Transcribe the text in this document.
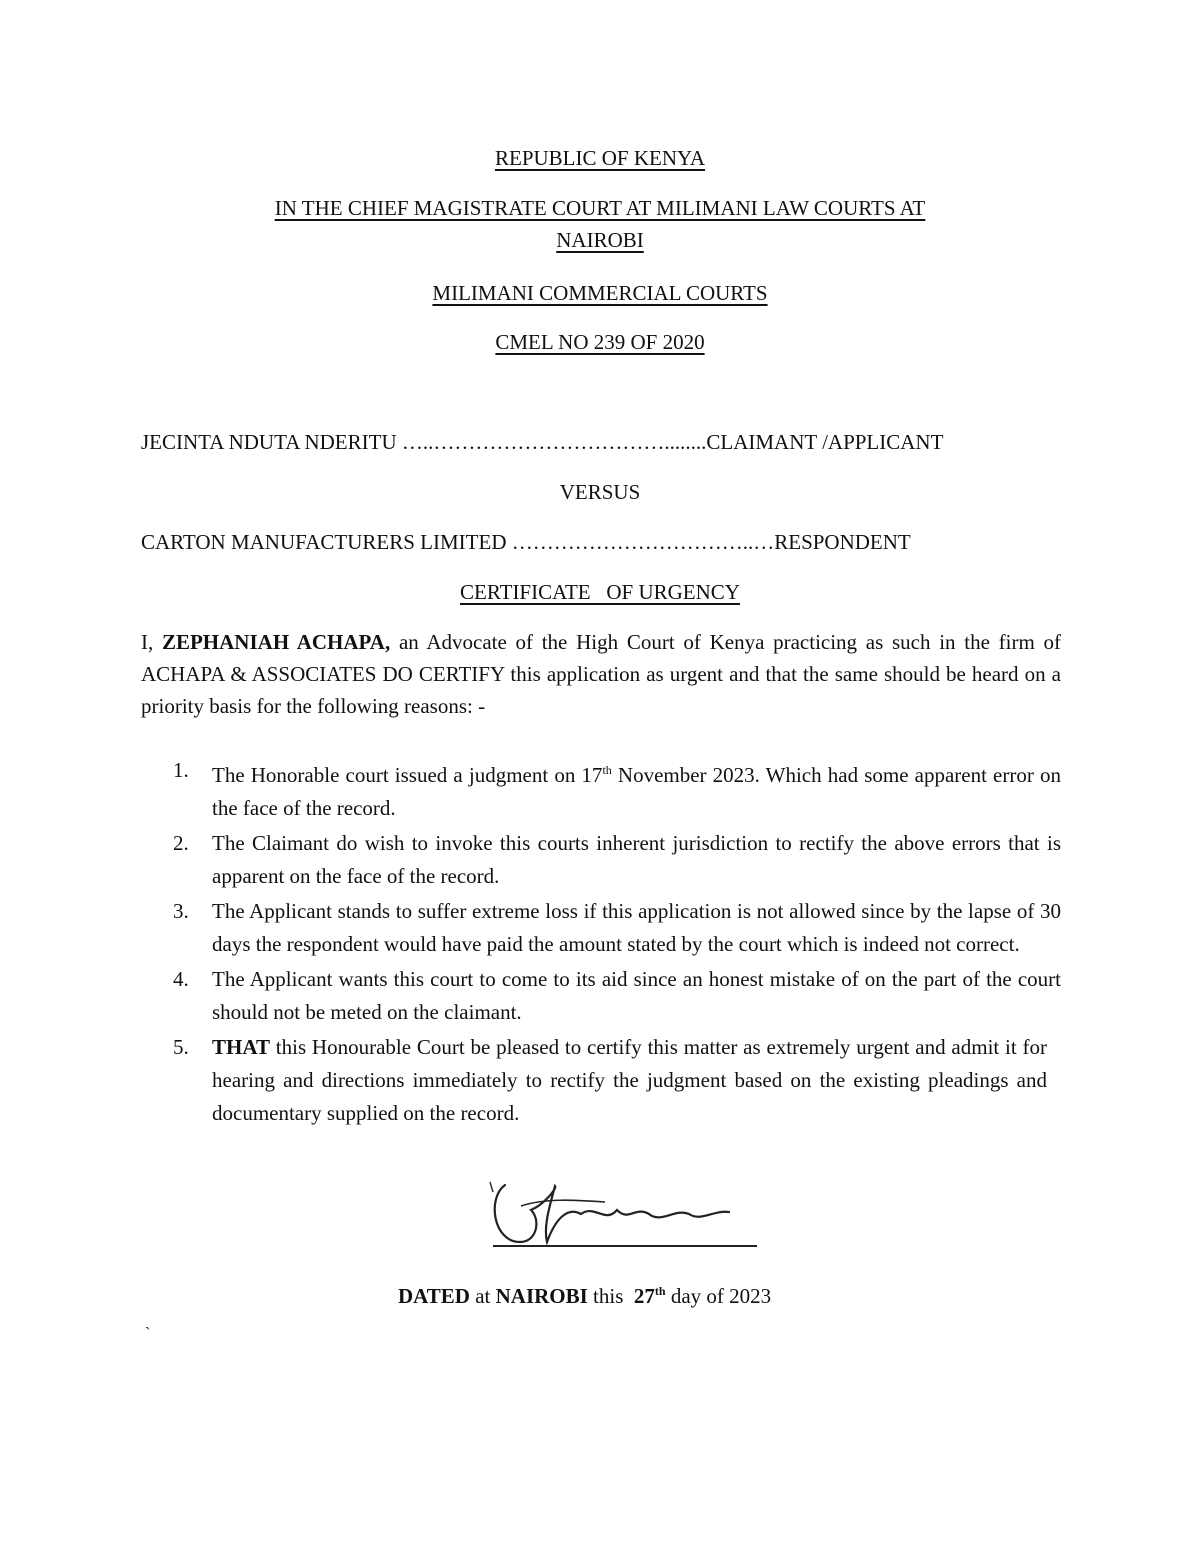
REPUBLIC OF KENYA
IN THE CHIEF MAGISTRATE COURT AT MILIMANI LAW COURTS AT
NAIROBI
MILIMANI COMMERCIAL COURTS
CMEL NO 239 OF 2020
JECINTA NDUTA NDERITU …..……………………………........CLAIMANT /APPLICANT
VERSUS
CARTON MANUFACTURERS LIMITED ……………………………..…RESPONDENT
CERTIFICATE   OF URGENCY
I, ZEPHANIAH ACHAPA, an Advocate of the High Court of Kenya practicing as such in the firm of ACHAPA & ASSOCIATES DO CERTIFY this application as urgent and that the same should be heard on a priority basis for the following reasons: -
1. The Honorable court issued a judgment on 17th November 2023. Which had some apparent error on the face of the record.
2. The Claimant do wish to invoke this courts inherent jurisdiction to rectify the above errors that is apparent on the face of the record.
3. The Applicant stands to suffer extreme loss if this application is not allowed since by the lapse of 30 days the respondent would have paid the amount stated by the court which is indeed not correct.
4. The Applicant wants this court to come to its aid since an honest mistake of on the part of the court should not be meted on the claimant.
5. THAT this Honourable Court be pleased to certify this matter as extremely urgent and admit it for hearing and directions immediately to rectify the judgment based on the existing pleadings and documentary supplied on the record.
DATED at NAIROBI this  27th day of 2023
`
